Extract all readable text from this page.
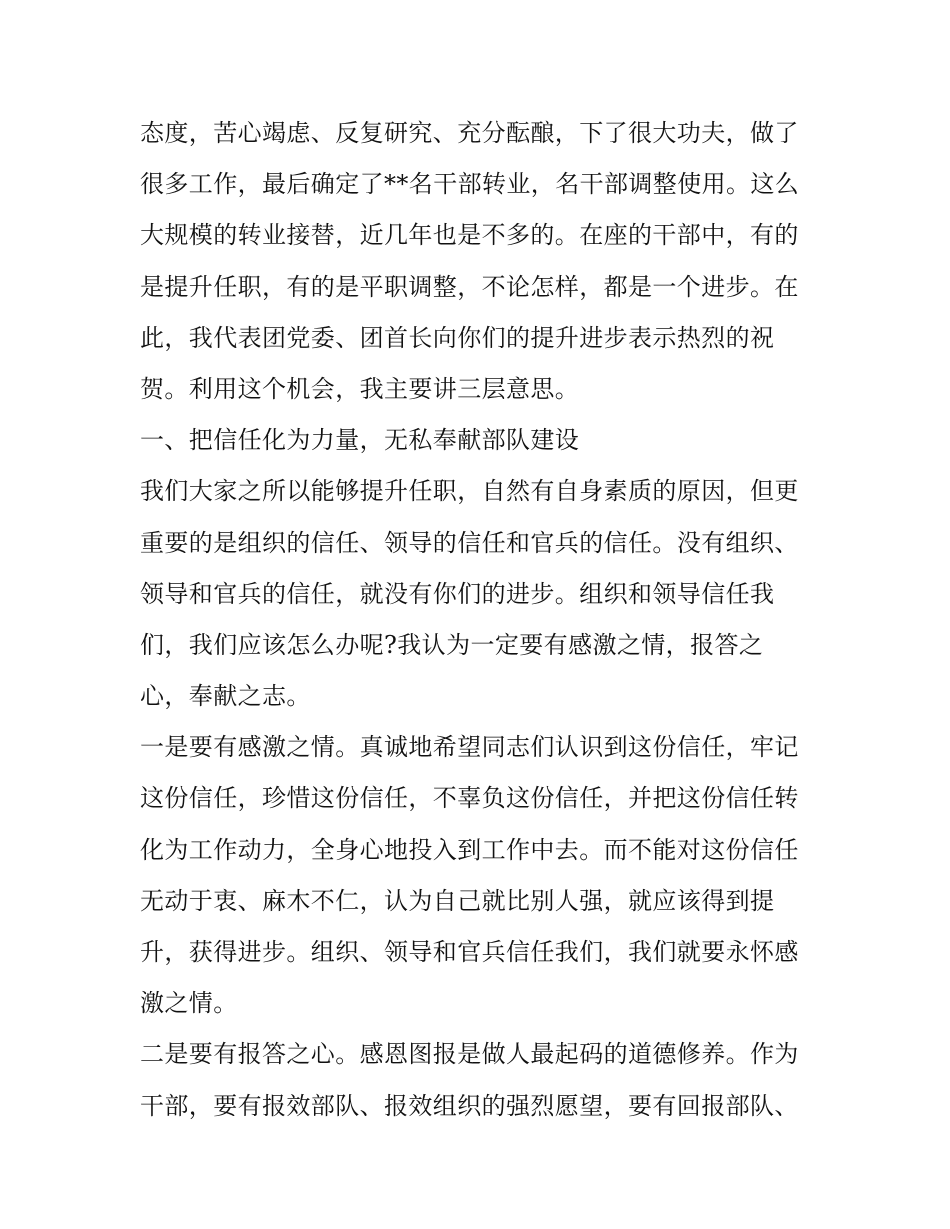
态度，苦心竭虑、反复研究、充分酝酿，下了很大功夫，做了
很多工作，最后确定了**名干部转业，名干部调整使用。这么
大规模的转业接替，近几年也是不多的。在座的干部中，有的
是提升任职，有的是平职调整，不论怎样，都是一个进步。在
此，我代表团党委、团首长向你们的提升进步表示热烈的祝
贺。利用这个机会，我主要讲三层意思。
一、把信任化为力量，无私奉献部队建设
我们大家之所以能够提升任职，自然有自身素质的原因，但更
重要的是组织的信任、领导的信任和官兵的信任。没有组织、
领导和官兵的信任，就没有你们的进步。组织和领导信任我
们，我们应该怎么办呢?我认为一定要有感激之情，报答之
心，奉献之志。
一是要有感激之情。真诚地希望同志们认识到这份信任，牢记
这份信任，珍惜这份信任，不辜负这份信任，并把这份信任转
化为工作动力，全身心地投入到工作中去。而不能对这份信任
无动于衷、麻木不仁，认为自己就比别人强，就应该得到提
升，获得进步。组织、领导和官兵信任我们，我们就要永怀感
激之情。
二是要有报答之心。感恩图报是做人最起码的道德修养。作为
干部，要有报效部队、报效组织的强烈愿望，要有回报部队、
